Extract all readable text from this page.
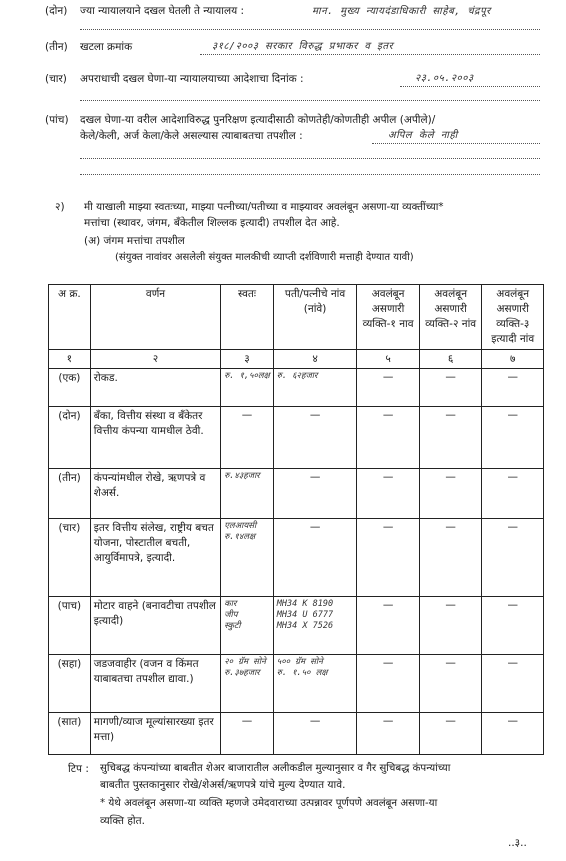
(दोन) ज्या न्यायालयाने दखल घेतली ते न्यायालय :	मान. मुख्य न्यायदंडाधिकारी साहेब, चंद्रपूर
(तीन) खटला क्रमांक	३१८/२००३ सरकार विरुद्ध प्रभाकर व इतर
(चार) अपराधाची दखल घेणा-या न्यायालयाच्या आदेशाचा दिनांक :	२३.०५.२००३
(पांच) दखल घेणा-या वरील आदेशाविरुद्ध पुनरिक्षण इत्यादीसाठी कोणतेही/कोणतीही अपील (अपीले)/
केले/केली, अर्ज केला/केले असल्यास त्याबाबतचा तपशील :	अपिल केले नाही
२) मी याखाली माझ्या स्वतःच्या, माझ्या पत्नीच्या/पतीच्या व माझ्यावर अवलंबून असणा-या व्यक्तींच्या*
मत्तांचा (स्थावर, जंगम, बँकेतील शिल्लक इत्यादी) तपशील देत आहे.
(अ) जंगम मत्तांचा तपशील
(संयुक्त नावांवर असलेली संयुक्त मालकीची व्याप्ती दर्शविणारी मत्ताही देण्यात यावी)
अ क्र.	वर्णन	स्वतः	पती/पत्नीचे नांव (नांवे)	अवलंबून असणारी व्यक्ति-१ नाव	अवलंबून असणारी व्यक्ति-२ नांव	अवलंबून असणारी व्यक्ति-३ इत्यादी नांव
१	२	३	४	५	६	७
(एक)	रोकड.	रु. १,५०लक्ष	रु. ६२हजार	—	—	—
(दोन)	बँका, वित्तीय संस्था व बँकेतर वित्तीय कंपन्या यामधील ठेवी.	—	—	—	—	—
(तीन)	कंपन्यांमधील रोखे, ऋणपत्रे व शेअर्स.	रु.४३हजार	—	—	—	—
(चार)	इतर वित्तीय संलेख, राष्ट्रीय बचत योजना, पोस्टातील बचती, आयुर्विमापत्रे, इत्यादी.	एलआयसी
रु.१४लक्ष	—	—	—	—
(पाच)	मोटार वाहने (बनावटीचा तपशील इत्यादी)	कार
जीप
स्कुटी	MH34 K 8190
MH34 U 6777
MH34 X 7526	—	—	—
(सहा)	जडजवाहीर (वजन व किंमत याबाबतचा तपशील द्यावा.)	२० ग्रॅम सोने
रु.३७हजार	५०० ग्रॅम सोने
रु. १.५० लक्ष	—	—	—
(सात)	मागणी/व्याज मूल्यांसारख्या इतर मत्ता)	—	—	—	—	—
टिप : सुचिबद्ध कंपन्यांच्या बाबतीत शेअर बाजारातील अलीकडील मुल्यानुसार व गैर सुचिबद्ध कंपन्यांच्या
बाबतीत पुस्तकानुसार रोखे/शेअर्स/ऋणपत्रे यांचे मुल्य देण्यात यावे.
* येथे अवलंबून असणा-या व्यक्ति म्हणजे उमेदवाराच्या उत्पन्नावर पूर्णपणे अवलंबून असणा-या
व्यक्ति होत.
..३..
